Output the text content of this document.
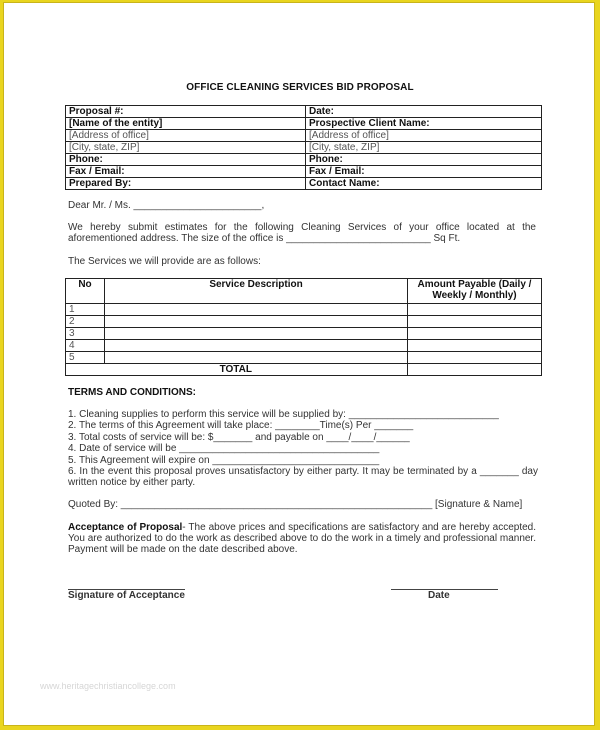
OFFICE CLEANING SERVICES BID PROPOSAL
Proposal #:	Date:
[Name of the entity]	Prospective Client Name:
[Address of office]	[Address of office]
[City, state, ZIP]	[City, state, ZIP]
Phone:	Phone:
Fax / Email:	Fax / Email:
Prepared By:	Contact Name:
Dear Mr. / Ms. _______________________,
We hereby submit estimates for the following Cleaning Services of your office located at the aforementioned address. The size of the office is __________________________ Sq Ft.
The Services we will provide are as follows:
No	Service Description	Amount Payable (Daily / Weekly / Monthly)
1		
2		
3		
4		
5		
TOTAL		
TERMS AND CONDITIONS:
1. Cleaning supplies to perform this service will be supplied by: ___________________________
2. The terms of this Agreement will take place: ________Time(s) Per _______
3. Total costs of service will be: $_______ and payable on ____/____/______
4. Date of service will be ____________________________________
5. This Agreement will expire on ______________________________
6. In the event this proposal proves unsatisfactory by either party. It may be terminated by a _______ day written notice by either party.
Quoted By: ________________________________________________________ [Signature & Name]
Acceptance of Proposal- The above prices and specifications are satisfactory and are hereby accepted. You are authorized to do the work as described above to do the work in a timely and professional manner. Payment will be made on the date described above.
Signature of Acceptance	Date
www.heritagechristiancollege.com
